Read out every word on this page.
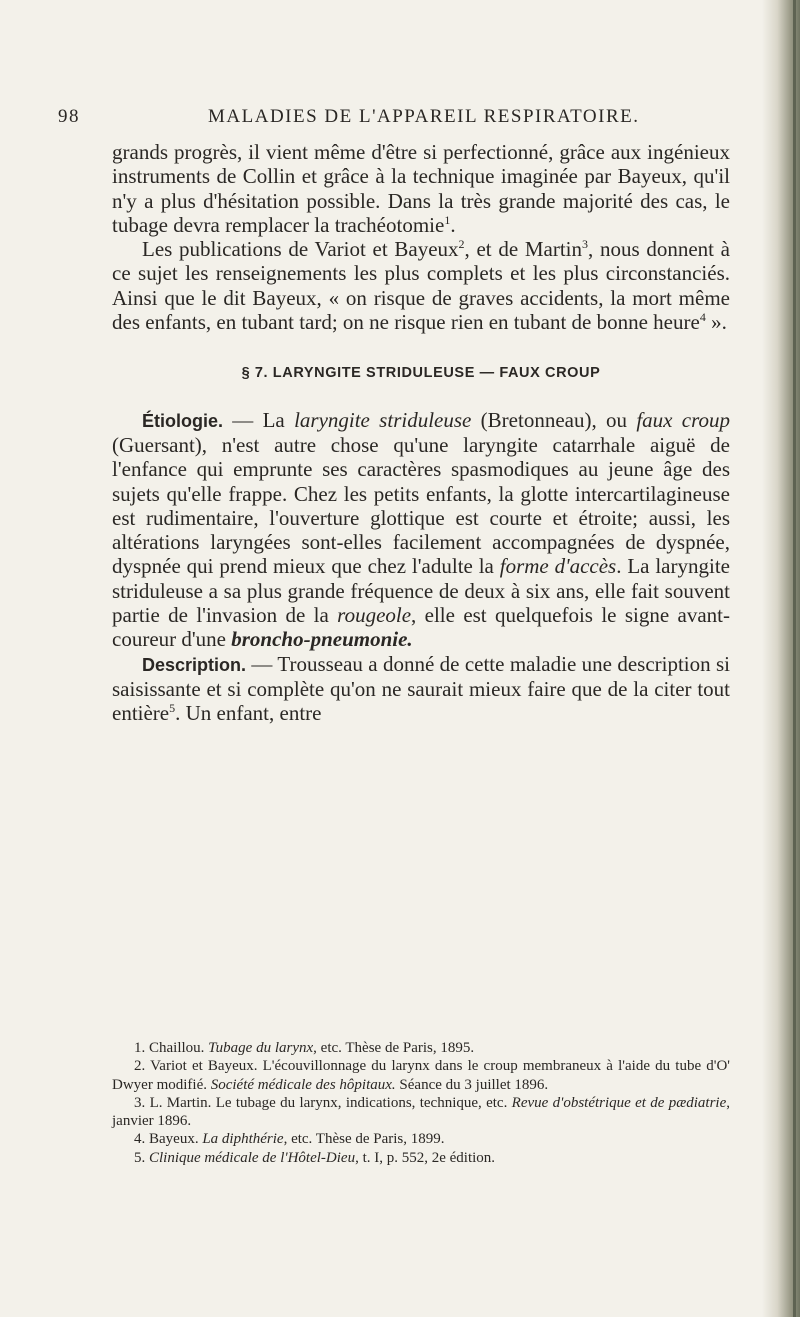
98	MALADIES DE L'APPAREIL RESPIRATOIRE.

grands progrès, il vient même d'être si perfectionné, grâce aux ingénieux instruments de Collin et grâce à la technique imaginée par Bayeux, qu'il n'y a plus d'hésitation possible. Dans la très grande majorité des cas, le tubage devra remplacer la trachéotomie$^1$.

Les publications de Variot et Bayeux$^2$, et de Martin$^3$, nous donnent à ce sujet les renseignements les plus complets et les plus circonstanciés. Ainsi que le dit Bayeux, « on risque de graves accidents, la mort même des enfants, en tubant tard; on ne risque rien en tubant de bonne heure$^4$ ».

§ 7. LARYNGITE STRIDULEUSE — FAUX CROUP

Étiologie. — La laryngite striduleuse (Bretonneau), ou faux croup (Guersant), n'est autre chose qu'une laryngite catarrhale aiguë de l'enfance qui emprunte ses caractères spasmodiques au jeune âge des sujets qu'elle frappe. Chez les petits enfants, la glotte intercartilagineuse est rudimentaire, l'ouverture glottique est courte et étroite; aussi, les altérations laryngées sont-elles facilement accompagnées de dyspnée, dyspnée qui prend mieux que chez l'adulte la forme d'accès. La laryngite striduleuse a sa plus grande fréquence de deux à six ans, elle fait souvent partie de l'invasion de la rougeole, elle est quelquefois le signe avant-coureur d'une broncho-pneumonie.

Description. — Trousseau a donné de cette maladie une description si saisissante et si complète qu'on ne saurait mieux faire que de la citer tout entière$^5$. Un enfant, entre

1. Chaillou. Tubage du larynx, etc. Thèse de Paris, 1895.

2. Variot et Bayeux. L'écouvillonnage du larynx dans le croup membraneux à l'aide du tube d'O' Dwyer modifié. Société médicale des hôpitaux. Séance du 3 juillet 1896.

3. L. Martin. Le tubage du larynx, indications, technique, etc. Revue d'obstétrique et de pædiatrie, janvier 1896.

4. Bayeux. La diphthérie, etc. Thèse de Paris, 1899.

5. Clinique médicale de l'Hôtel-Dieu, t. I, p. 552, 2e édition.
